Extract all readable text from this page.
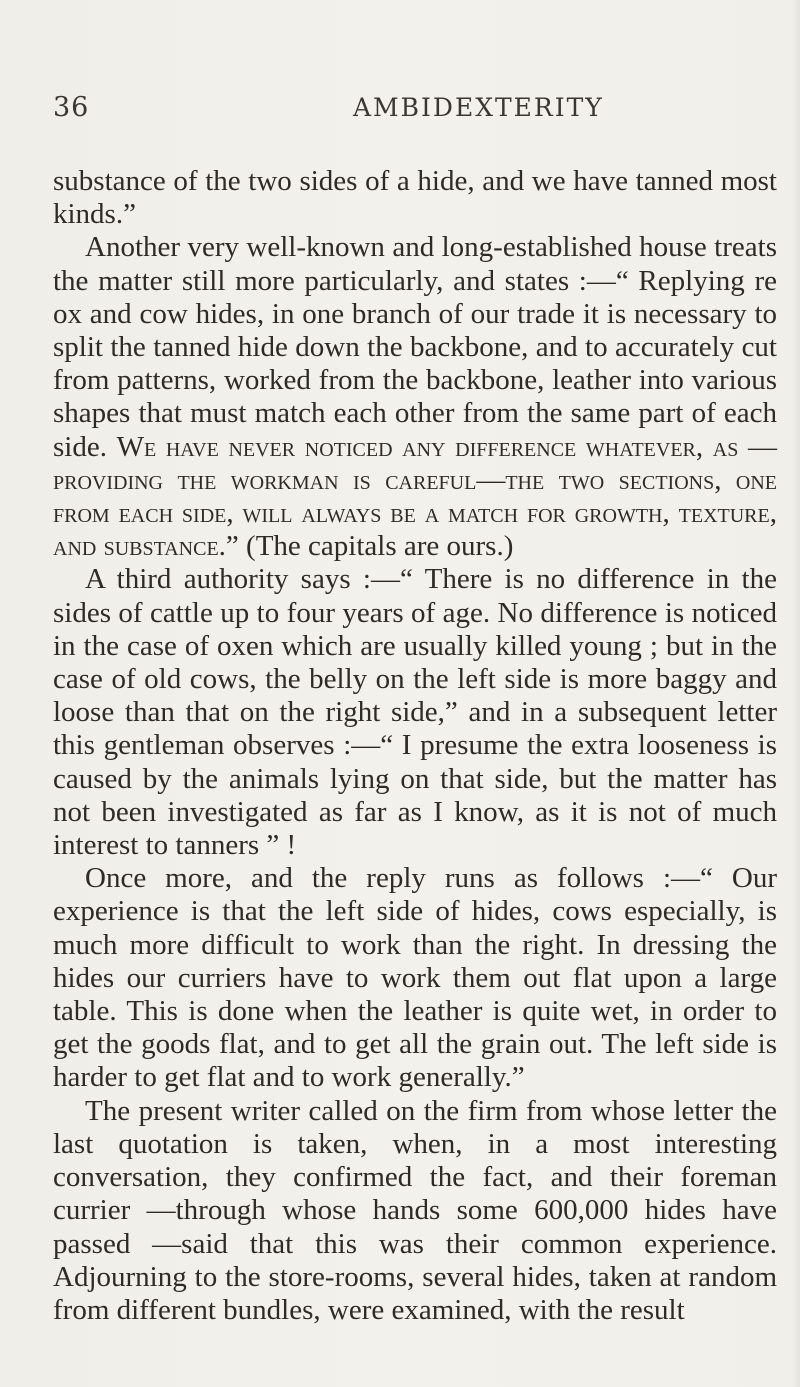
36	AMBIDEXTERITY

substance of the two sides of a hide, and we have tanned most kinds.”

Another very well-known and long-established house treats the matter still more particularly, and states :—“ Replying re ox and cow hides, in one branch of our trade it is necessary to split the tanned hide down the backbone, and to accurately cut from patterns, worked from the backbone, leather into various shapes that must match each other from the same part of each side. We have never noticed any difference whatever, as —providing the workman is careful—the two sections, one from each side, will always be a match for growth, texture, and substance.” (The capitals are ours.)

A third authority says :—“ There is no difference in the sides of cattle up to four years of age. No difference is noticed in the case of oxen which are usually killed young ; but in the case of old cows, the belly on the left side is more baggy and loose than that on the right side,” and in a subsequent letter this gentleman observes :—“ I presume the extra looseness is caused by the animals lying on that side, but the matter has not been investigated as far as I know, as it is not of much interest to tanners ” !

Once more, and the reply runs as follows :—“ Our experience is that the left side of hides, cows especially, is much more difficult to work than the right. In dressing the hides our curriers have to work them out flat upon a large table. This is done when the leather is quite wet, in order to get the goods flat, and to get all the grain out. The left side is harder to get flat and to work generally.”

The present writer called on the firm from whose letter the last quotation is taken, when, in a most interesting conversation, they confirmed the fact, and their foreman currier —through whose hands some 600,000 hides have passed —said that this was their common experience. Adjourning to the store-rooms, several hides, taken at random from different bundles, were examined, with the result
